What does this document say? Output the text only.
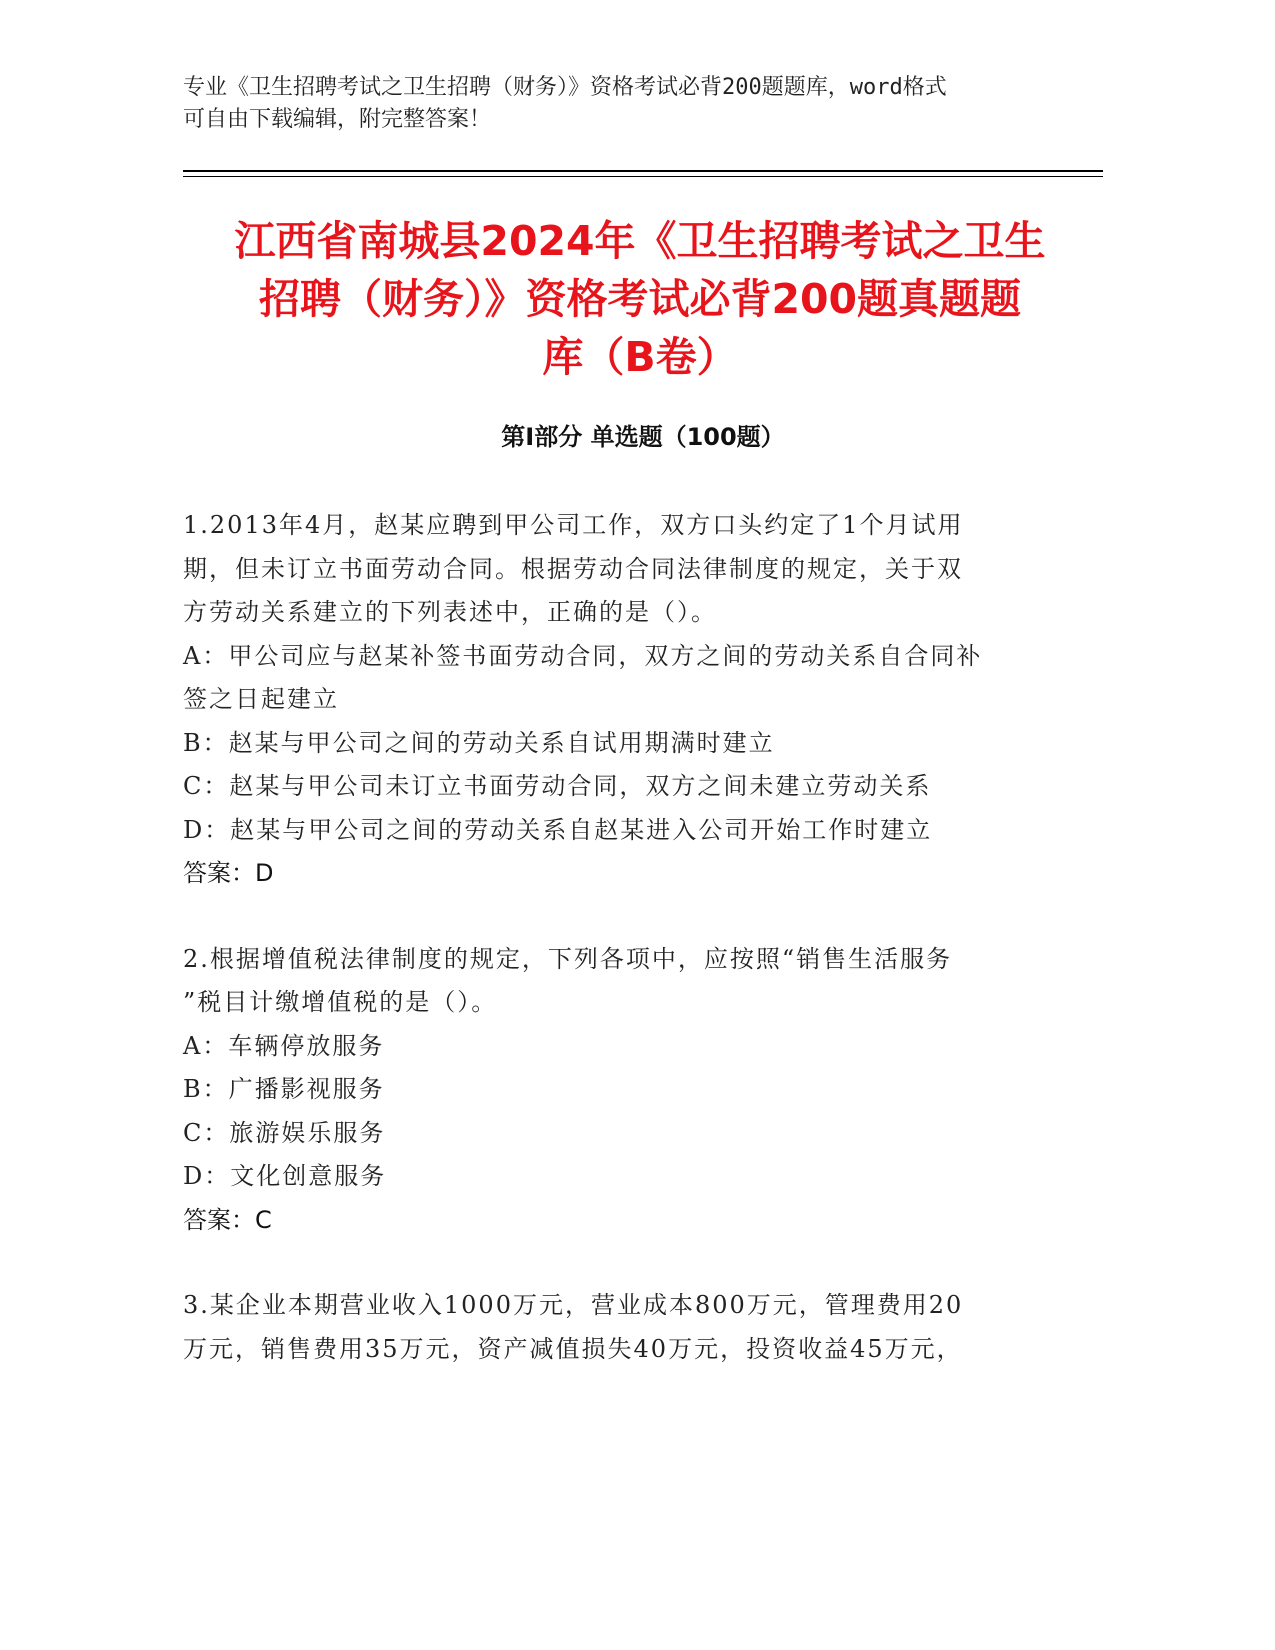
专业《卫生招聘考试之卫生招聘（财务）》资格考试必背200题题库，word格式
可自由下载编辑，附完整答案！
江西省南城县2024年《卫生招聘考试之卫生
招聘（财务）》资格考试必背200题真题题
库（B卷）
第Ⅰ部分 单选题（100题）

1.2013年4月，赵某应聘到甲公司工作，双方口头约定了1个月试用

期，但未订立书面劳动合同。根据劳动合同法律制度的规定，关于双

方劳动关系建立的下列表述中，正确的是（）。

A：甲公司应与赵某补签书面劳动合同，双方之间的劳动关系自合同补

签之日起建立

B：赵某与甲公司之间的劳动关系自试用期满时建立

C：赵某与甲公司未订立书面劳动合同，双方之间未建立劳动关系

D：赵某与甲公司之间的劳动关系自赵某进入公司开始工作时建立

答案：D

2.根据增值税法律制度的规定，下列各项中，应按照“销售生活服务

”税目计缴增值税的是（）。

A：车辆停放服务

B：广播影视服务

C：旅游娱乐服务

D：文化创意服务

答案：C

3.某企业本期营业收入1000万元，营业成本800万元，管理费用20

万元，销售费用35万元，资产减值损失40万元，投资收益45万元，
